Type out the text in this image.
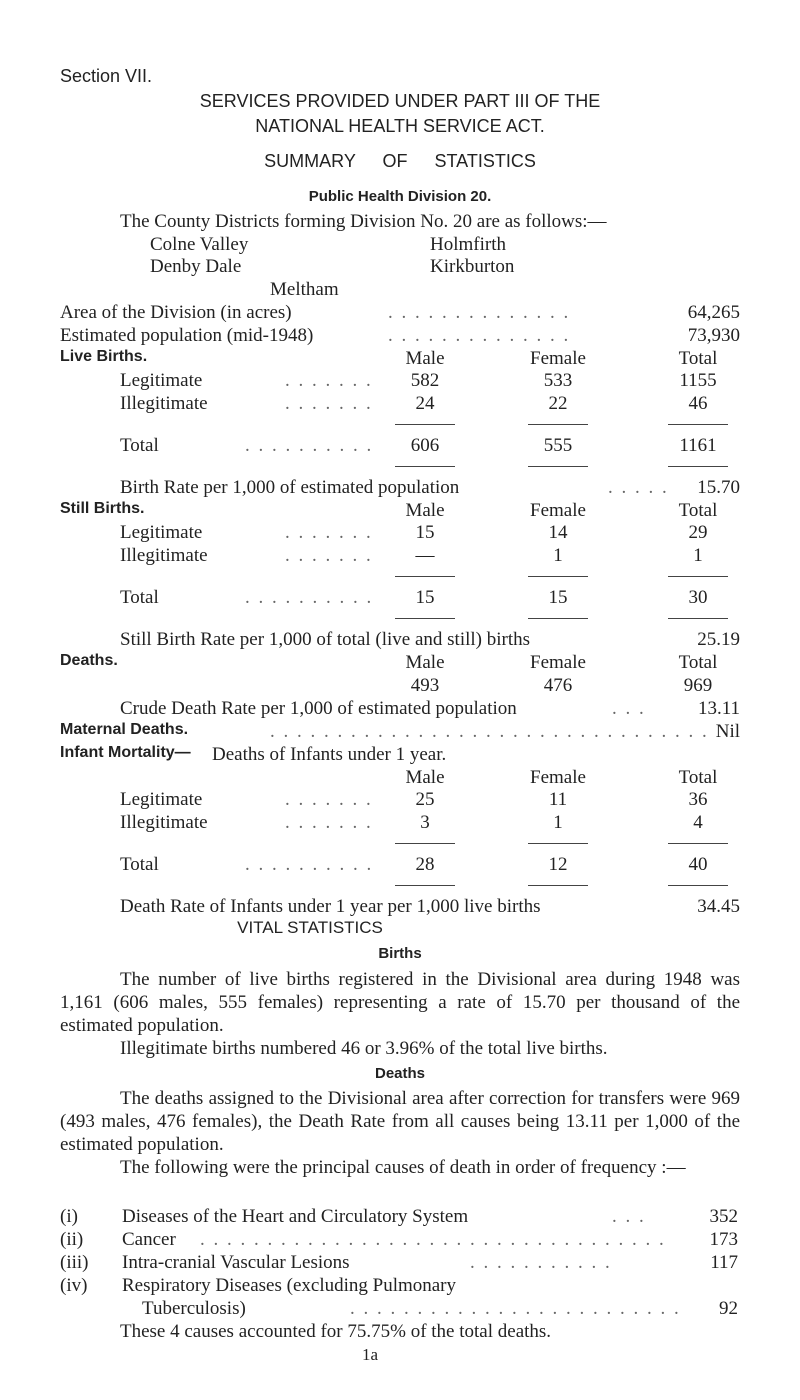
Section VII.
SERVICES PROVIDED UNDER PART III OF THE
NATIONAL HEALTH SERVICE ACT.
SUMMARY OF STATISTICS
Public Health Division 20.
The County Districts forming Division No. 20 are as follows:—
Colne Valley	Holmfirth
Denby Dale	Kirkburton
Meltham
Area of the Division (in acres)	. . . . . . . . . . . . . .	64,265
Estimated population (mid-1948)	. . . . . . . . . . . . . .	73,930
Live Births.	Male	Female	Total
Legitimate	. . . . . . . 582	533	1155
Illegitimate	. . . . . . . 24	22	46
Total	. . . . . . . . . . 606	555	1161
Birth Rate per 1,000 of estimated population	. . . . . 15.70
Still Births.	Male	Female	Total
Legitimate	. . . . . . . 15	14	29
Illegitimate	. . . . . . . —	1	1
Total	. . . . . . . . . . 15	15	30
Still Birth Rate per 1,000 of total (live and still) births	25.19
Deaths.	Male	Female	Total
493	476	969
Crude Death Rate per 1,000 of estimated population	. . .	13.11
Maternal Deaths.	. . . . . . . . . . . . . . . . . . . . . . . . . . . . . . . . . Nil
Infant Mortality— Deaths of Infants under 1 year.
Male	Female	Total
Legitimate	. . . . . . . 25	11	36
Illegitimate	. . . . . . .	3	1	4
Total	. . . . . . . . . . 28	12	40
Death Rate of Infants under 1 year per 1,000 live births	34.45
VITAL STATISTICS
Births
The number of live births registered in the Divisional area during 1948 was 1,161 (606 males, 555 females) representing a rate of 15.70 per thousand of the estimated population.
Illegitimate births numbered 46 or 3.96% of the total live births.
Deaths
The deaths assigned to the Divisional area after correction for transfers were 969 (493 males, 476 females), the Death Rate from all causes being 13.11 per 1,000 of the estimated population.
The following were the principal causes of death in order of frequency :—
(i) Diseases of the Heart and Circulatory System	. . .	352
(ii) Cancer . . . . . . . . . . . . . . . . . . . . . . . . . . . . . . . . . . . 173
(iii) Intra-cranial Vascular Lesions	. . . . . . . . . . .	117
(iv) Respiratory Diseases (excluding Pulmonary
Tuberculosis)	. . . . . . . . . . . . . . . . . . . . . . . . . 92
These 4 causes accounted for 75.75% of the total deaths.
1a
